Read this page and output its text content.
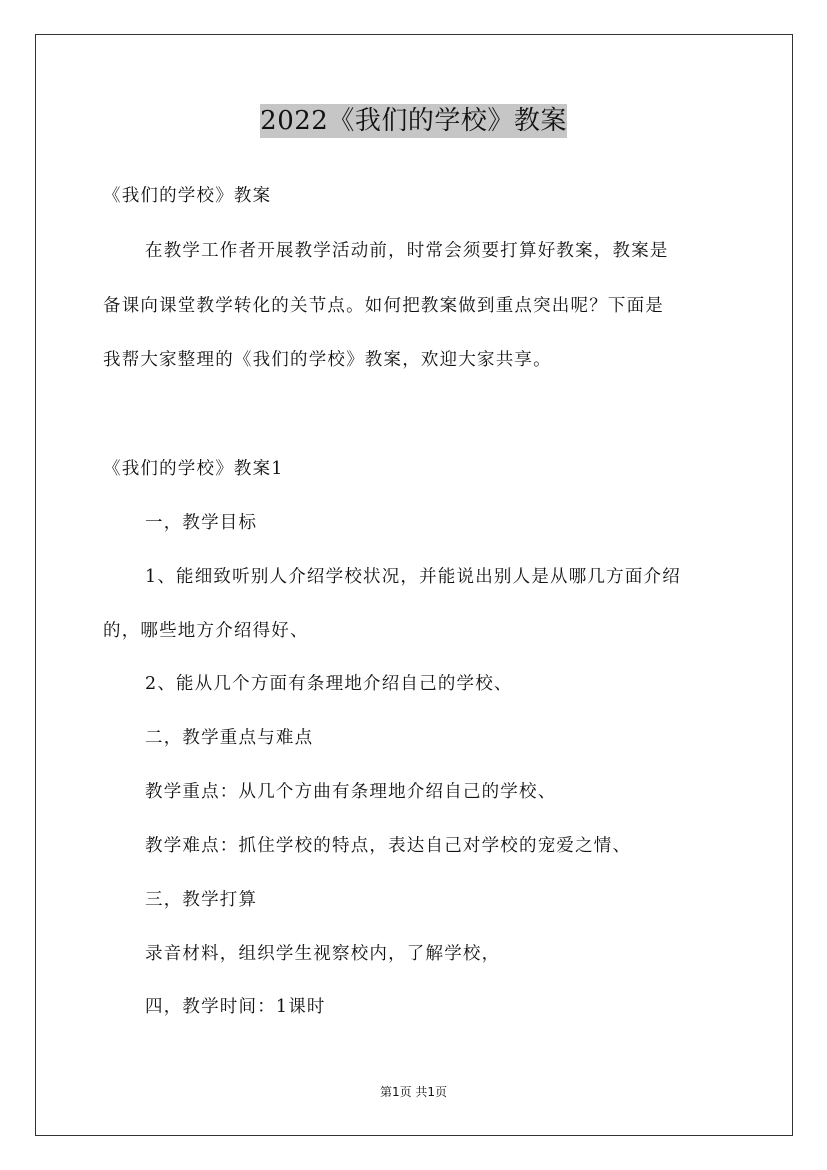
2022《我们的学校》教案
《我们的学校》教案
在教学工作者开展教学活动前，时常会须要打算好教案，教案是
备课向课堂教学转化的关节点。如何把教案做到重点突出呢？下面是
我帮大家整理的《我们的学校》教案，欢迎大家共享。
《我们的学校》教案1
一，教学目标
1、能细致听别人介绍学校状况，并能说出别人是从哪几方面介绍
的，哪些地方介绍得好、
2、能从几个方面有条理地介绍自己的学校、
二，教学重点与难点
教学重点：从几个方曲有条理地介绍自己的学校、
教学难点：抓住学校的特点，表达自己对学校的宠爱之情、
三，教学打算
录音材料，组织学生视察校内，了解学校，
四，教学时间：1课时
第1页 共1页
